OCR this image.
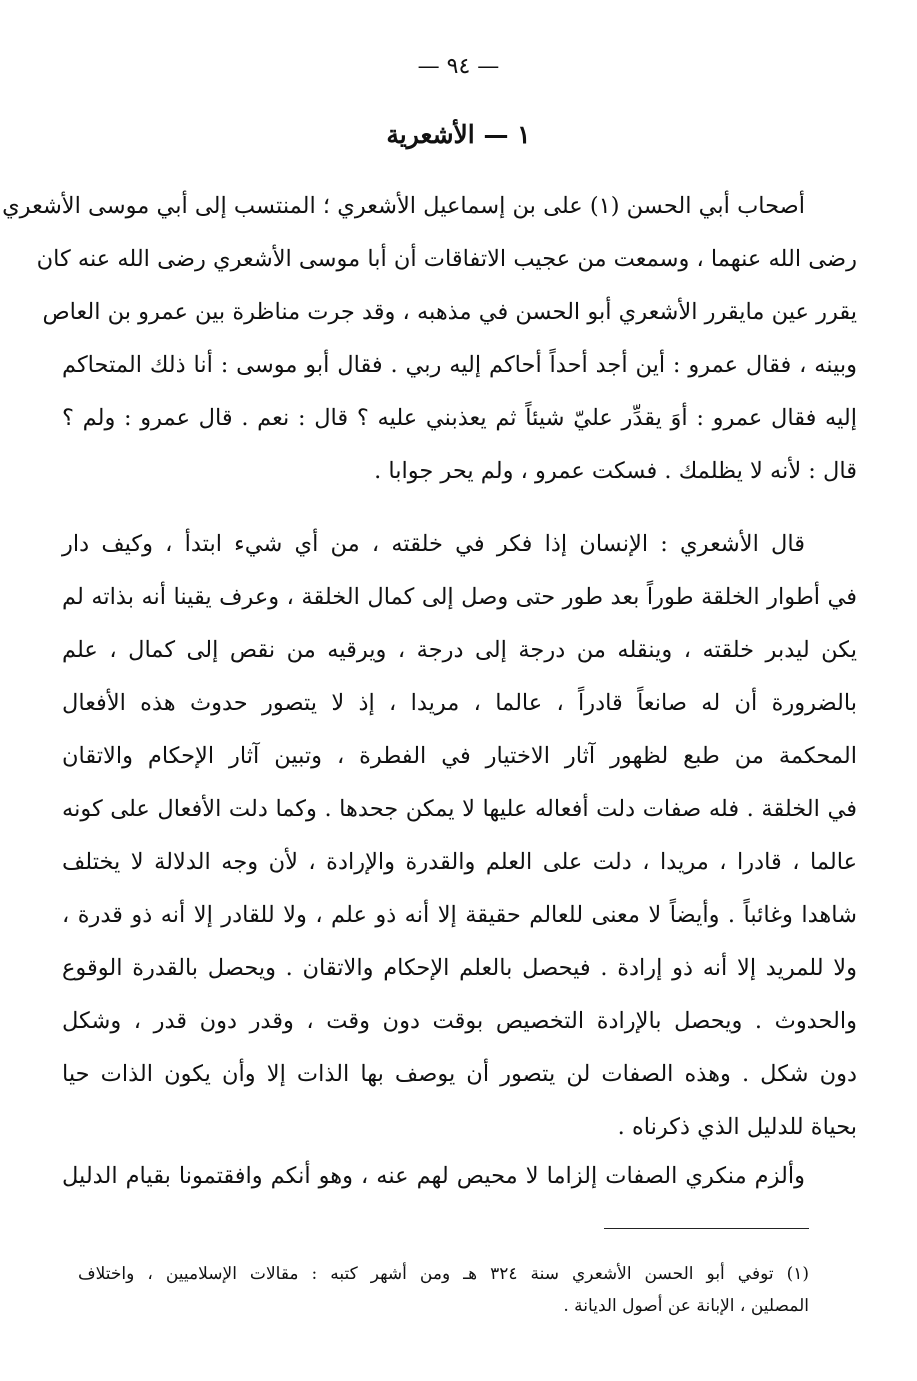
— ٩٤ —
١ — الأشعرية
أصحاب أبي الحسن (١) على بن إسماعيل الأشعري ؛ المنتسب إلى أبي موسى الأشعري
رضى الله عنهما ، وسمعت من عجيب الاتفاقات أن أبا موسى الأشعري رضى الله عنه كان
يقرر عين مايقرر الأشعري أبو الحسن في مذهبه ، وقد جرت مناظرة بين عمرو بن العاص
وبينه ، فقال عمرو : أين أجد أحداً أحاكم إليه ربي . فقال أبو موسى : أنا ذلك المتحاكم
إليه فقال عمرو : أوَ يقدِّر عليّ شيئاً ثم يعذبني عليه ؟ قال : نعم . قال عمرو : ولم ؟
قال : لأنه لا يظلمك . فسكت عمرو ، ولم يحر جوابا .
قال الأشعري : الإنسان إذا فكر في خلقته ، من أي شيء ابتدأ ، وكيف دار
في أطوار الخلقة طوراً بعد طور حتى وصل إلى كمال الخلقة ، وعرف يقينا أنه بذاته لم
يكن ليدبر خلقته ، وينقله من درجة إلى درجة ، ويرقيه من نقص إلى كمال ، علم
بالضرورة أن له صانعاً قادراً ، عالما ، مريدا ، إذ لا يتصور حدوث هذه الأفعال
المحكمة من طبع لظهور آثار الاختيار في الفطرة ، وتبين آثار الإحكام والاتقان
في الخلقة . فله صفات دلت أفعاله عليها لا يمكن جحدها . وكما دلت الأفعال على كونه
عالما ، قادرا ، مريدا ، دلت على العلم والقدرة والإرادة ، لأن وجه الدلالة لا يختلف
شاهدا وغائباً . وأيضاً لا معنى للعالم حقيقة إلا أنه ذو علم ، ولا للقادر إلا أنه ذو قدرة ،
ولا للمريد إلا أنه ذو إرادة . فيحصل بالعلم الإحكام والاتقان . ويحصل بالقدرة الوقوع
والحدوث . ويحصل بالإرادة التخصيص بوقت دون وقت ، وقدر دون قدر ، وشكل
دون شكل . وهذه الصفات لن يتصور أن يوصف بها الذات إلا وأن يكون الذات حيا
بحياة للدليل الذي ذكرناه .
وألزم منكري الصفات إلزاما لا محيص لهم عنه ، وهو أنكم وافقتمونا بقيام الدليل
(١) توفي أبو الحسن الأشعري سنة ٣٢٤ هـ ومن أشهر كتبه : مقالات الإسلاميين ، واختلاف
المصلين ، الإبانة عن أصول الديانة .
